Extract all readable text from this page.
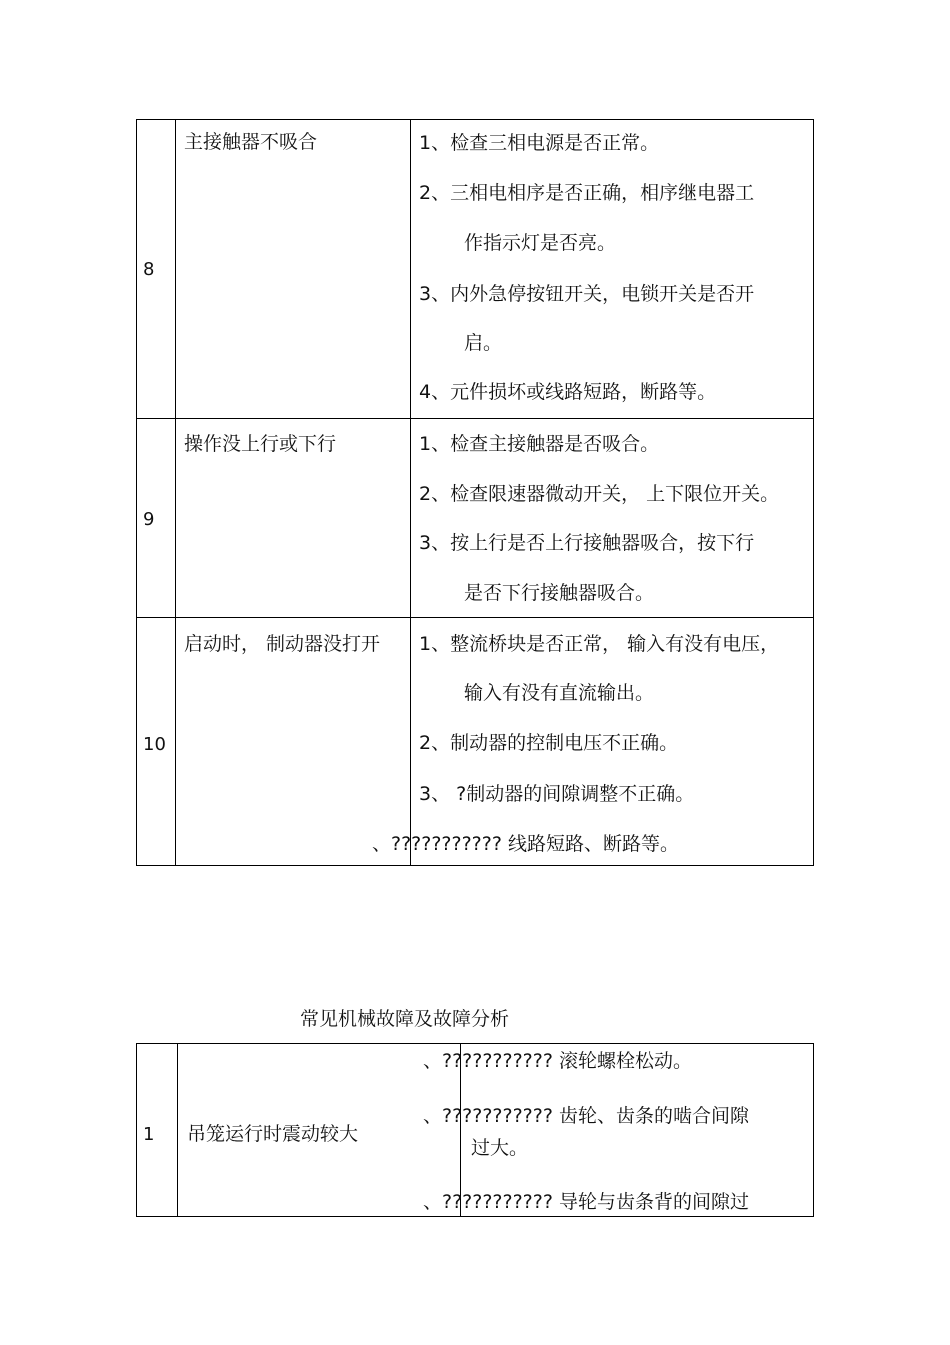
8
主接触器不吸合	1、检查三相电源是否正常。
2、三相电相序是否正确，相序继电器工
作指示灯是否亮。
3、内外急停按钮开关，电锁开关是否开
启。
4、元件损坏或线路短路，断路等。
9
操作没上行或下行	1、检查主接触器是否吸合。
2、检查限速器微动开关， 上下限位开关。
3、按上行是否上行接触器吸合，按下行
是否下行接触器吸合。
10
启动时， 制动器没打开 1、整流桥块是否正常， 输入有没有电压，
输入有没有直流输出。
2、制动器的控制电压不正确。
3、 ?制动器的间隙调整不正确。
、??????????? 线路短路、断路等。
常见机械故障及故障分析
1 吊笼运行时震动较大
、??????????? 滚轮螺栓松动。
、??????????? 齿轮、齿条的啮合间隙
过大。
、??????????? 导轮与齿条背的间隙过
